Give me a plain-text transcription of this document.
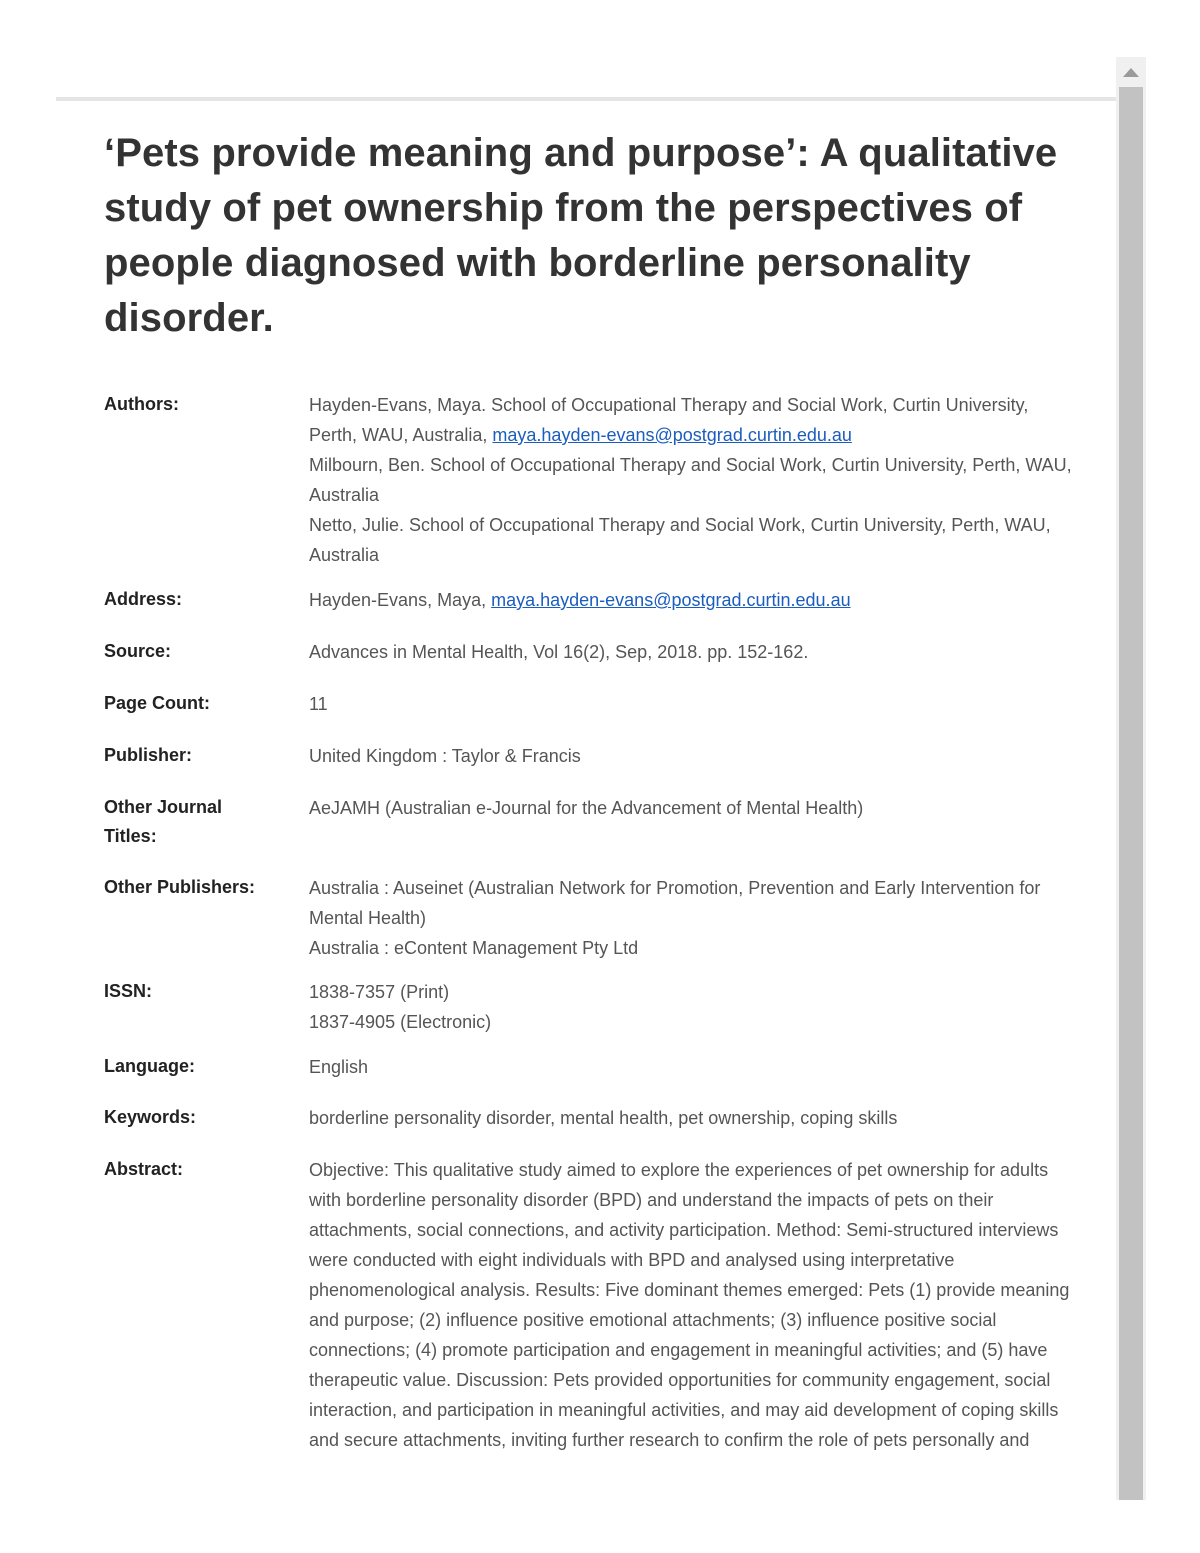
‘Pets provide meaning and purpose’: A qualitative study of pet ownership from the perspectives of people diagnosed with borderline personality disorder.
Authors:	Hayden-Evans, Maya. School of Occupational Therapy and Social Work, Curtin University, Perth, WAU, Australia, maya.hayden-evans@postgrad.curtin.edu.au
Milbourn, Ben. School of Occupational Therapy and Social Work, Curtin University, Perth, WAU, Australia
Netto, Julie. School of Occupational Therapy and Social Work, Curtin University, Perth, WAU, Australia
Address:	Hayden-Evans, Maya, maya.hayden-evans@postgrad.curtin.edu.au
Source:	Advances in Mental Health, Vol 16(2), Sep, 2018. pp. 152-162.
Page Count:	11
Publisher:	United Kingdom : Taylor & Francis
Other Journal Titles:
AeJAMH (Australian e-Journal for the Advancement of Mental Health)
Other Publishers:	Australia : Auseinet (Australian Network for Promotion, Prevention and Early Intervention for Mental Health)
Australia : eContent Management Pty Ltd
ISSN:	1838-7357 (Print)
1837-4905 (Electronic)
Language:	English
Keywords:	borderline personality disorder, mental health, pet ownership, coping skills
Abstract:	Objective: This qualitative study aimed to explore the experiences of pet ownership for adults with borderline personality disorder (BPD) and understand the impacts of pets on their attachments, social connections, and activity participation. Method: Semi-structured interviews were conducted with eight individuals with BPD and analysed using interpretative phenomenological analysis. Results: Five dominant themes emerged: Pets (1) provide meaning and purpose; (2) influence positive emotional attachments; (3) influence positive social connections; (4) promote participation and engagement in meaningful activities; and (5) have therapeutic value. Discussion: Pets provided opportunities for community engagement, social interaction, and participation in meaningful activities, and may aid development of coping skills and secure attachments, inviting further research to confirm the role of pets personally and
